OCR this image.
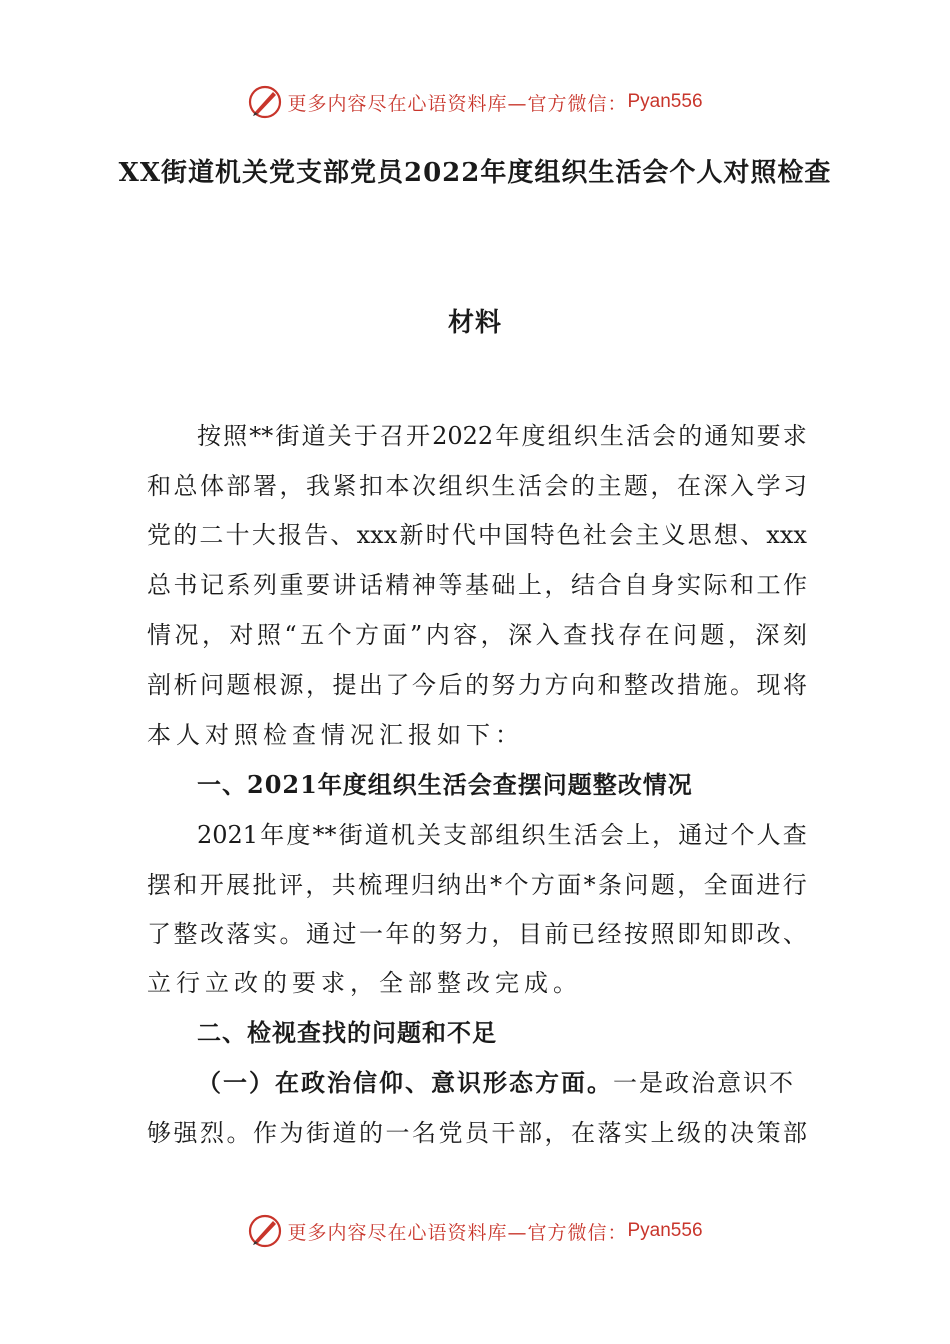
更多内容尽在心语资料库—官方微信： Pyan556
XX街道机关党支部党员2022年度组织生活会个人对照检查
材料
按 照 ** 街 道 关 于 召 开 2022 年 度 组 织 生 活 会 的 通 知 要 求
和 总 体 部 署 ， 我 紧 扣 本 次 组 织 生 活 会 的 主 题 ， 在 深 入 学 习
党 的 二 十 大 报 告 、 xxx 新 时 代 中 国 特 色 社 会 主 义 思 想 、 xxx
总 书 记 系 列 重 要 讲 话 精 神 等 基 础 上 ， 结 合 自 身 实 际 和 工 作
情 况 ， 对 照 “ 五 个 方 面 ” 内 容 ， 深 入 查 找 存 在 问 题 ， 深 刻
剖 析 问 题 根 源 ， 提 出 了 今 后 的 努 力 方 向 和 整 改 措 施 。 现 将
本人对照检查情况汇报如下：
一、2021年度组织生活会查摆问题整改情况
2021 年 度 ** 街 道 机 关 支 部 组 织 生 活 会 上 ， 通 过 个 人 查
摆 和 开 展 批 评 ， 共 梳 理 归 纳 出 * 个 方 面 * 条 问 题 ， 全 面 进 行
了 整 改 落 实 。 通 过 一 年 的 努 力 ， 目 前 已 经 按 照 即 知 即 改 、
立行立改的要求，全部整改完成。
二、检视查找的问题和不足
（一）在政治信仰、意识形态方面。 一是政治意识不
够 强 烈 。 作 为 街 道 的 一 名 党 员 干 部 ， 在 落 实 上 级 的 决 策 部
更多内容尽在心语资料库—官方微信： Pyan556
